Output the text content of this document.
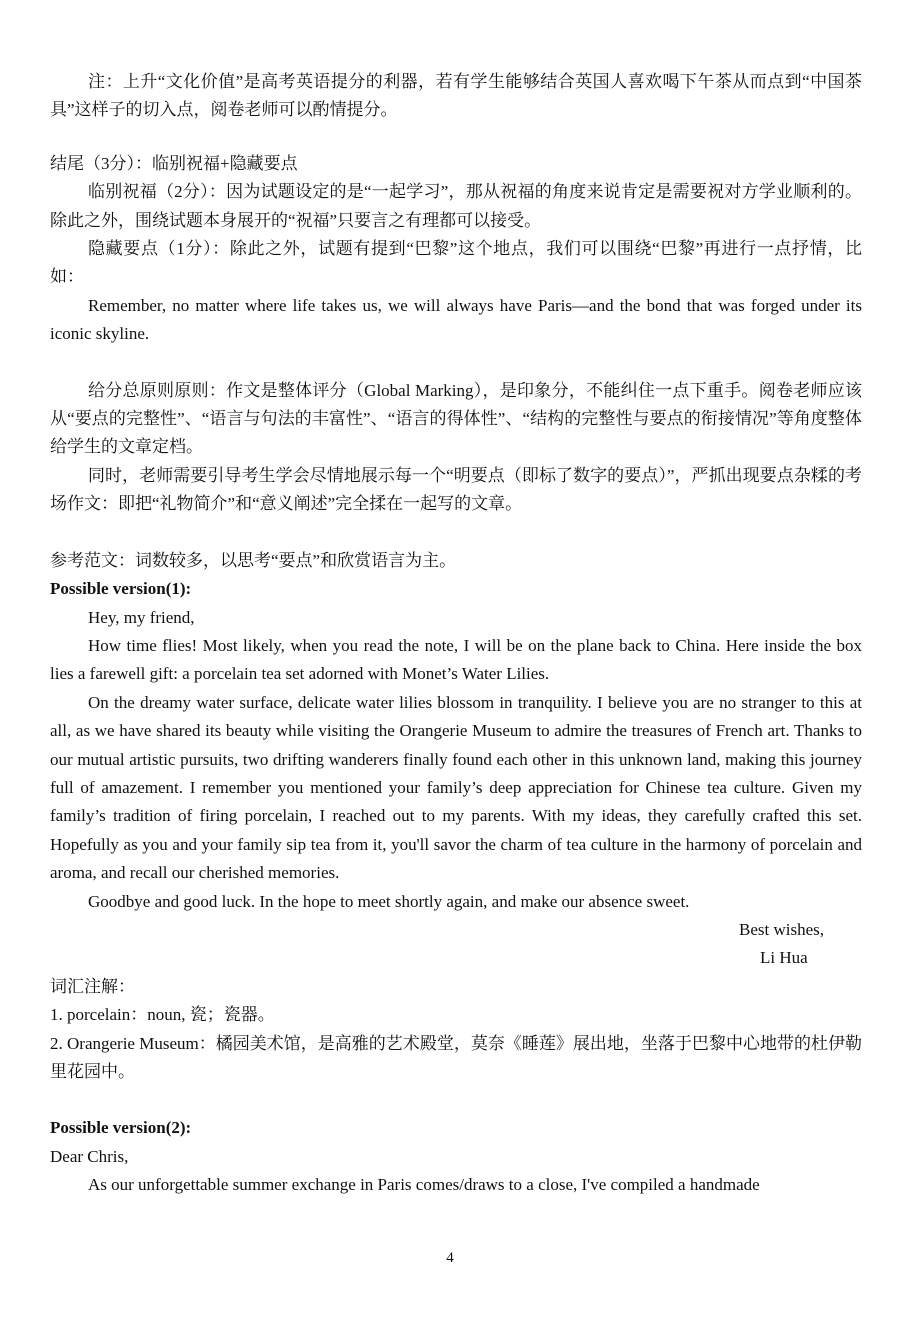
注：上升“文化价值”是高考英语提分的利器，若有学生能够结合英国人喜欢喝下午茶从而点到“中国茶具”这样子的切入点，阅卷老师可以酌情提分。

结尾（3分）：临别祝福+隐藏要点

临别祝福（2分）：因为试题设定的是“一起学习”，那从祝福的角度来说肯定是需要祝对方学业顺利的。除此之外，围绕试题本身展开的“祝福”只要言之有理都可以接受。

隐藏要点（1分）：除此之外，试题有提到“巴黎”这个地点，我们可以围绕“巴黎”再进行一点抒情，比如：

Remember, no matter where life takes us, we will always have Paris—and the bond that was forged under its iconic skyline.

给分总原则原则：作文是整体评分（Global Marking），是印象分，不能纠住一点下重手。阅卷老师应该从“要点的完整性”、“语言与句法的丰富性”、“语言的得体性”、“结构的完整性与要点的衔接情况”等角度整体给学生的文章定档。

同时，老师需要引导考生学会尽情地展示每一个“明要点（即标了数字的要点）”，严抓出现要点杂糅的考场作文：即把“礼物简介”和“意义阐述”完全揉在一起写的文章。

参考范文：词数较多，以思考“要点”和欣赏语言为主。

Possible version(1):

Hey, my friend,

How time flies! Most likely, when you read the note, I will be on the plane back to China. Here inside the box lies a farewell gift: a porcelain tea set adorned with Monet’s Water Lilies.

On the dreamy water surface, delicate water lilies blossom in tranquility. I believe you are no stranger to this at all, as we have shared its beauty while visiting the Orangerie Museum to admire the treasures of French art. Thanks to our mutual artistic pursuits, two drifting wanderers finally found each other in this unknown land, making this journey full of amazement. I remember you mentioned your family’s deep appreciation for Chinese tea culture. Given my family’s tradition of firing porcelain, I reached out to my parents. With my ideas, they carefully crafted this set. Hopefully as you and your family sip tea from it, you'll savor the charm of tea culture in the harmony of porcelain and aroma, and recall our cherished memories.

Goodbye and good luck. In the hope to meet shortly again, and make our absence sweet.

Best wishes,

Li Hua

词汇注解：

1. porcelain：noun, 瓷；瓷器。

2. Orangerie Museum：橘园美术馆，是高雅的艺术殿堂，莫奈《睡莲》展出地，坐落于巴黎中心地带的杜伊勒里花园中。

Possible version(2):

Dear Chris,

As our unforgettable summer exchange in Paris comes/draws to a close, I've compiled a handmade

4
